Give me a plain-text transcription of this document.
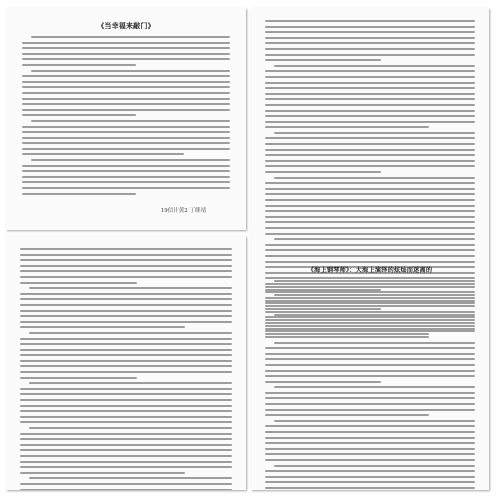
《当幸福来敲门》
19信计黄2 丁绯靖
《海上钢琴师》：大海上演绎的炫灿而迷离的
